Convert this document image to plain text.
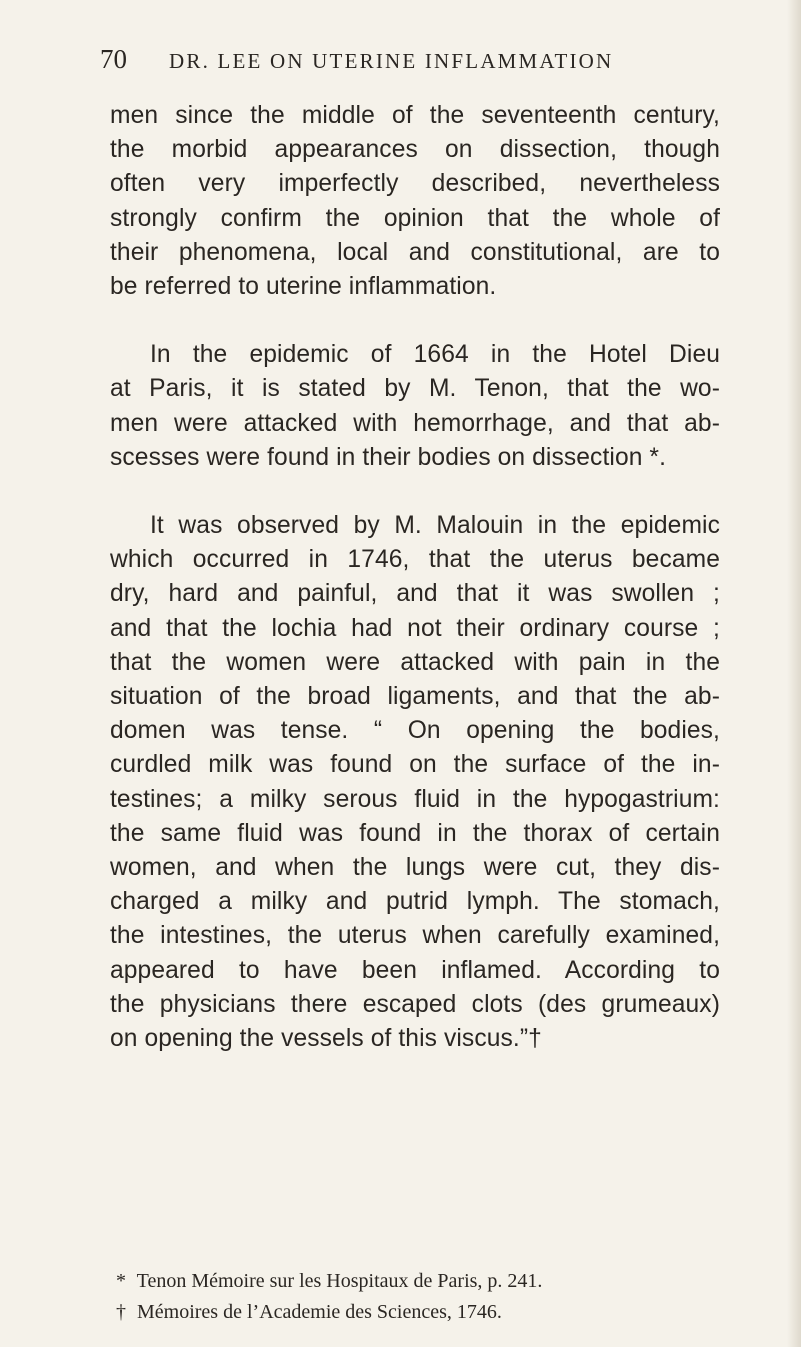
70 DR. LEE ON UTERINE INFLAMMATION

men since the middle of the seventeenth century,
the morbid appearances on dissection, though
often very imperfectly described, nevertheless
strongly confirm the opinion that the whole of
their phenomena, local and constitutional, are to
be referred to uterine inflammation.

In the epidemic of 1664 in the Hotel Dieu
at Paris, it is stated by M. Tenon, that the wo-
men were attacked with hemorrhage, and that ab-
scesses were found in their bodies on dissection *.

It was observed by M. Malouin in the epidemic
which occurred in 1746, that the uterus became
dry, hard and painful, and that it was swollen ;
and that the lochia had not their ordinary course ;
that the women were attacked with pain in the
situation of the broad ligaments, and that the ab-
domen was tense. “ On opening the bodies,
curdled milk was found on the surface of the in-
testines; a milky serous fluid in the hypogastrium:
the same fluid was found in the thorax of certain
women, and when the lungs were cut, they dis-
charged a milky and putrid lymph. The stomach,
the intestines, the uterus when carefully examined,
appeared to have been inflamed. According to
the physicians there escaped clots (des grumeaux)
on opening the vessels of this viscus.”†

* Tenon Mémoire sur les Hospitaux de Paris, p. 241.
† Mémoires de l’Academie des Sciences, 1746.
